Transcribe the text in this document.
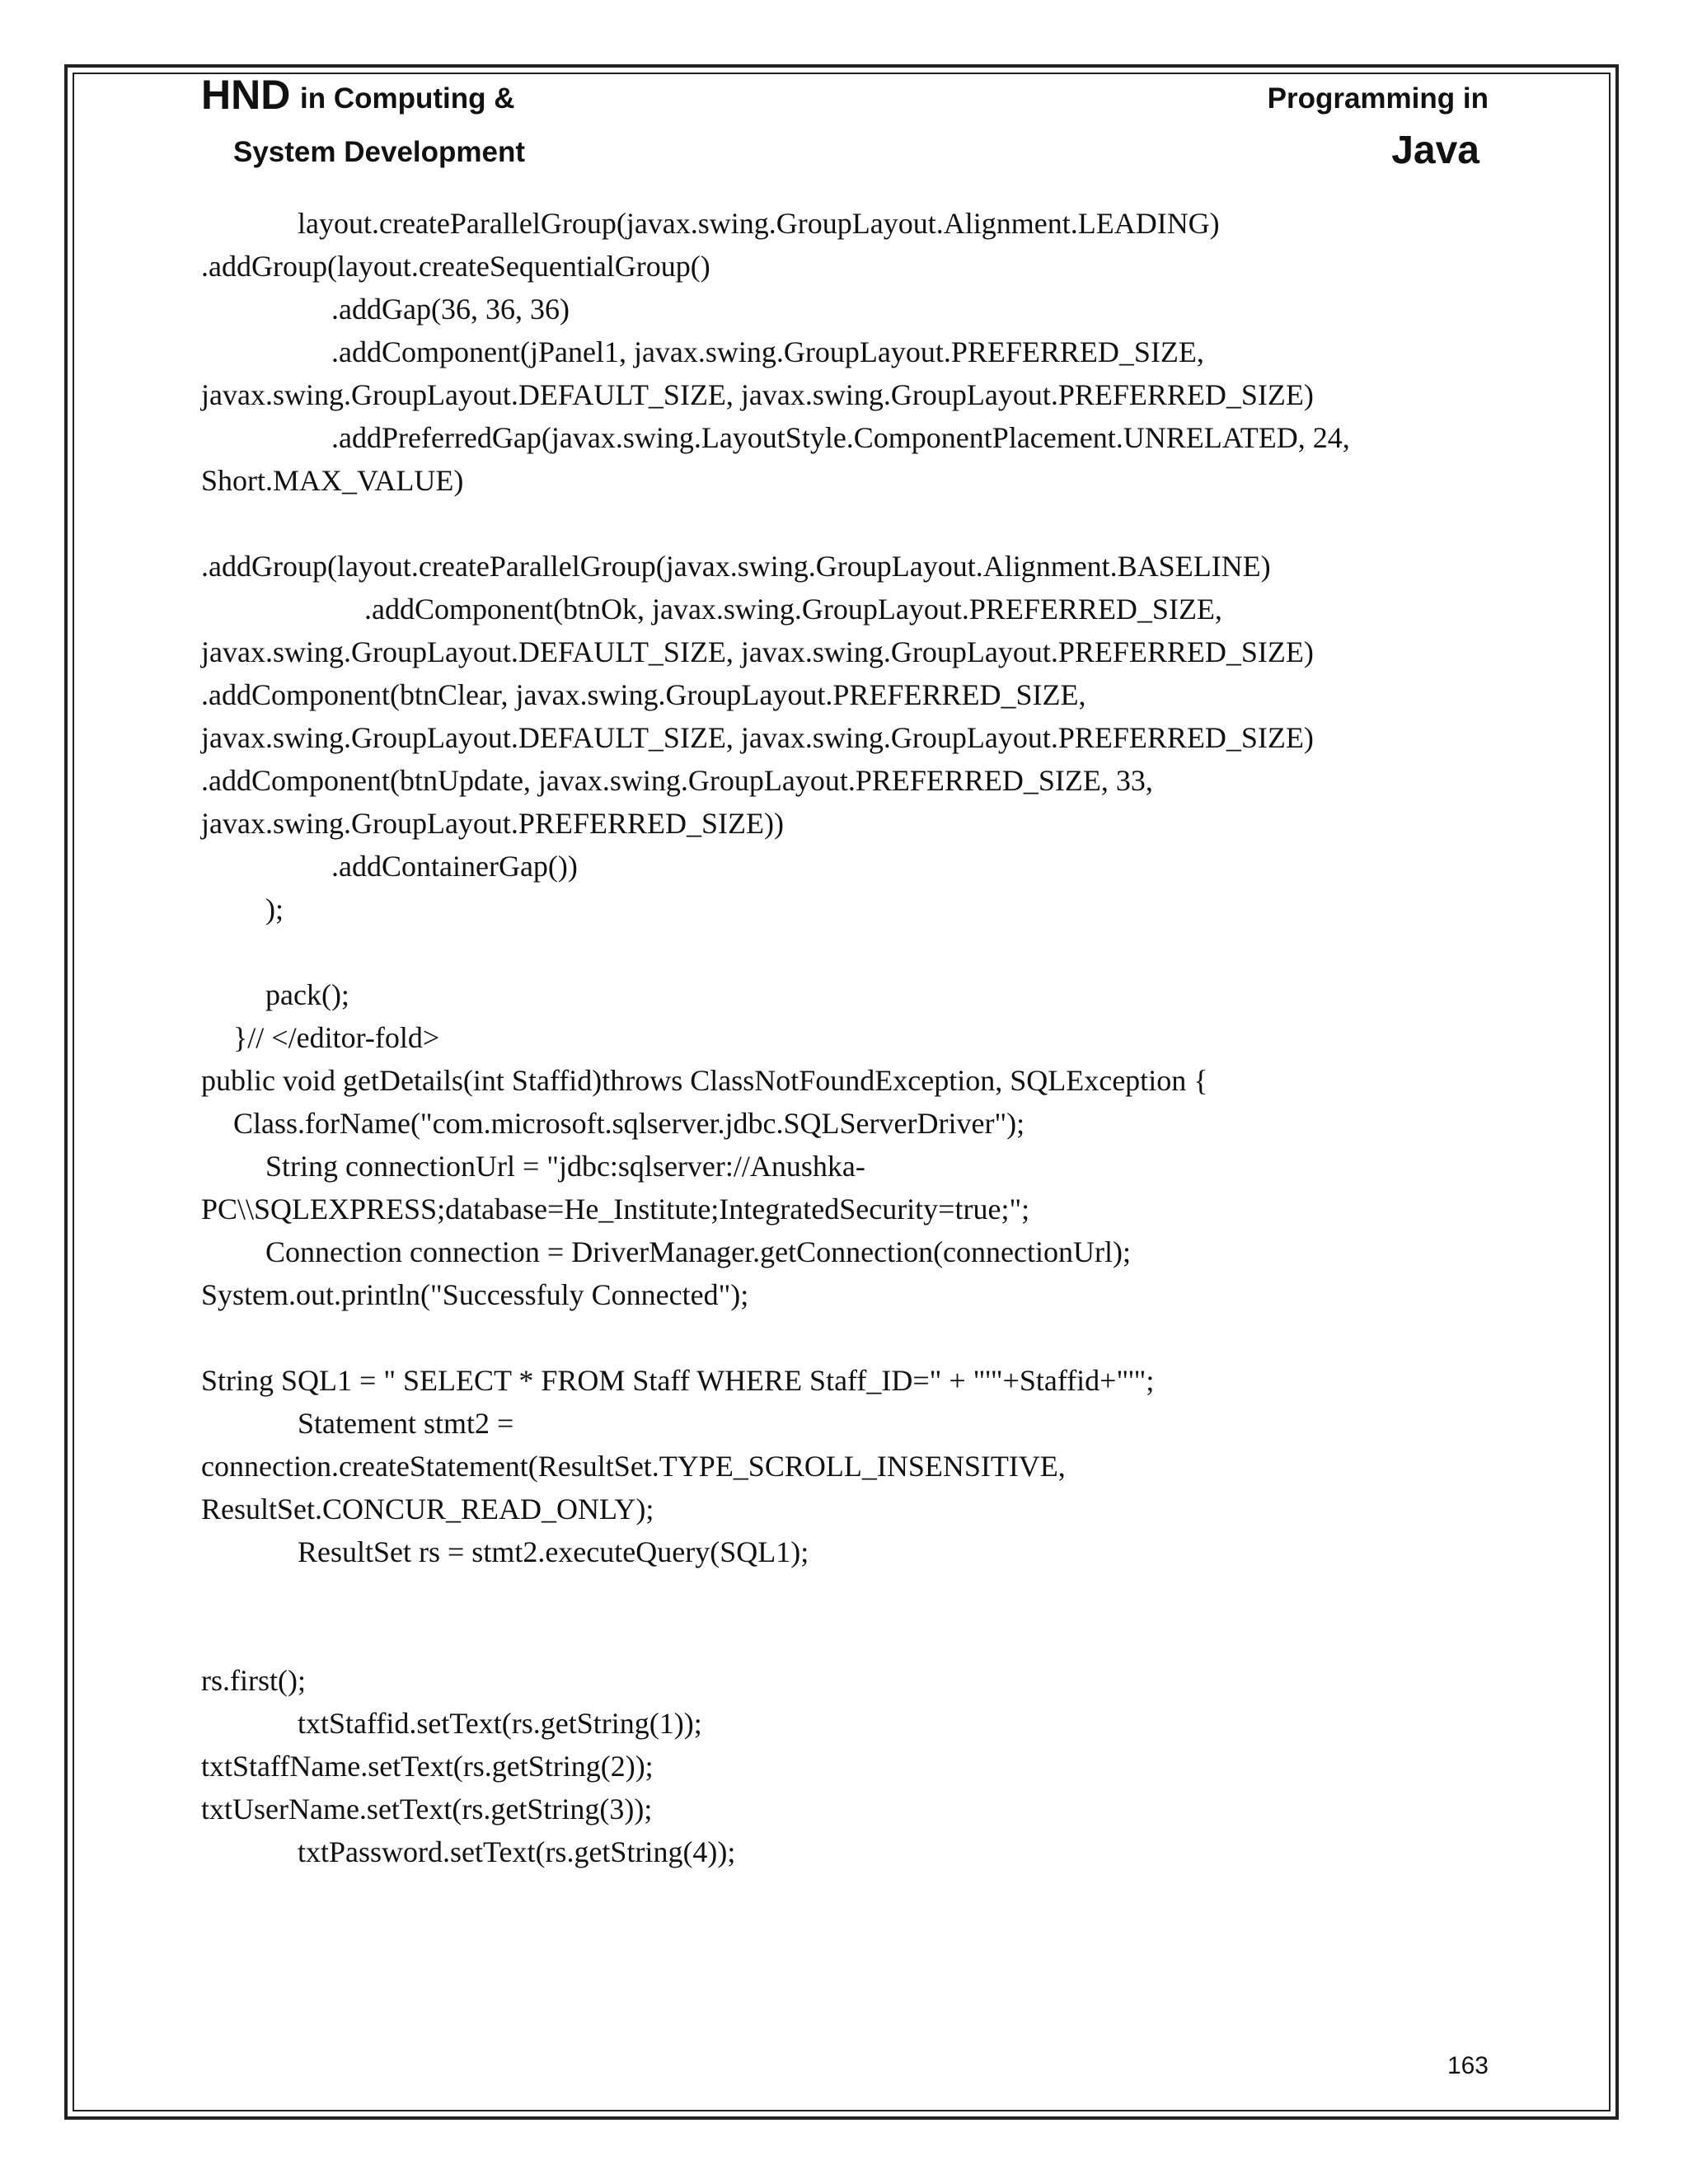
HND in Computing &
System Development
Programming in
Java
layout.createParallelGroup(javax.swing.GroupLayout.Alignment.LEADING)
.addGroup(layout.createSequentialGroup()
.addGap(36, 36, 36)
.addComponent(jPanel1, javax.swing.GroupLayout.PREFERRED_SIZE,
javax.swing.GroupLayout.DEFAULT_SIZE, javax.swing.GroupLayout.PREFERRED_SIZE)
.addPreferredGap(javax.swing.LayoutStyle.ComponentPlacement.UNRELATED, 24,
Short.MAX_VALUE)
.addGroup(layout.createParallelGroup(javax.swing.GroupLayout.Alignment.BASELINE)
.addComponent(btnOk, javax.swing.GroupLayout.PREFERRED_SIZE,
javax.swing.GroupLayout.DEFAULT_SIZE, javax.swing.GroupLayout.PREFERRED_SIZE)
.addComponent(btnClear, javax.swing.GroupLayout.PREFERRED_SIZE,
javax.swing.GroupLayout.DEFAULT_SIZE, javax.swing.GroupLayout.PREFERRED_SIZE)
.addComponent(btnUpdate, javax.swing.GroupLayout.PREFERRED_SIZE, 33,
javax.swing.GroupLayout.PREFERRED_SIZE))
.addContainerGap())
);
pack();
}// </editor-fold>
public void getDetails(int Staffid)throws ClassNotFoundException, SQLException {
Class.forName("com.microsoft.sqlserver.jdbc.SQLServerDriver");
String connectionUrl = "jdbc:sqlserver://Anushka-
PC\\SQLEXPRESS;database=He_Institute;IntegratedSecurity=true;";
Connection connection = DriverManager.getConnection(connectionUrl);
System.out.println("Successfuly Connected");
String SQL1 = " SELECT * FROM Staff WHERE Staff_ID=" + "'"+Staffid+"'";
Statement stmt2 =
connection.createStatement(ResultSet.TYPE_SCROLL_INSENSITIVE,
ResultSet.CONCUR_READ_ONLY);
ResultSet rs = stmt2.executeQuery(SQL1);
rs.first();
txtStaffid.setText(rs.getString(1));
txtStaffName.setText(rs.getString(2));
txtUserName.setText(rs.getString(3));
txtPassword.setText(rs.getString(4));
163
